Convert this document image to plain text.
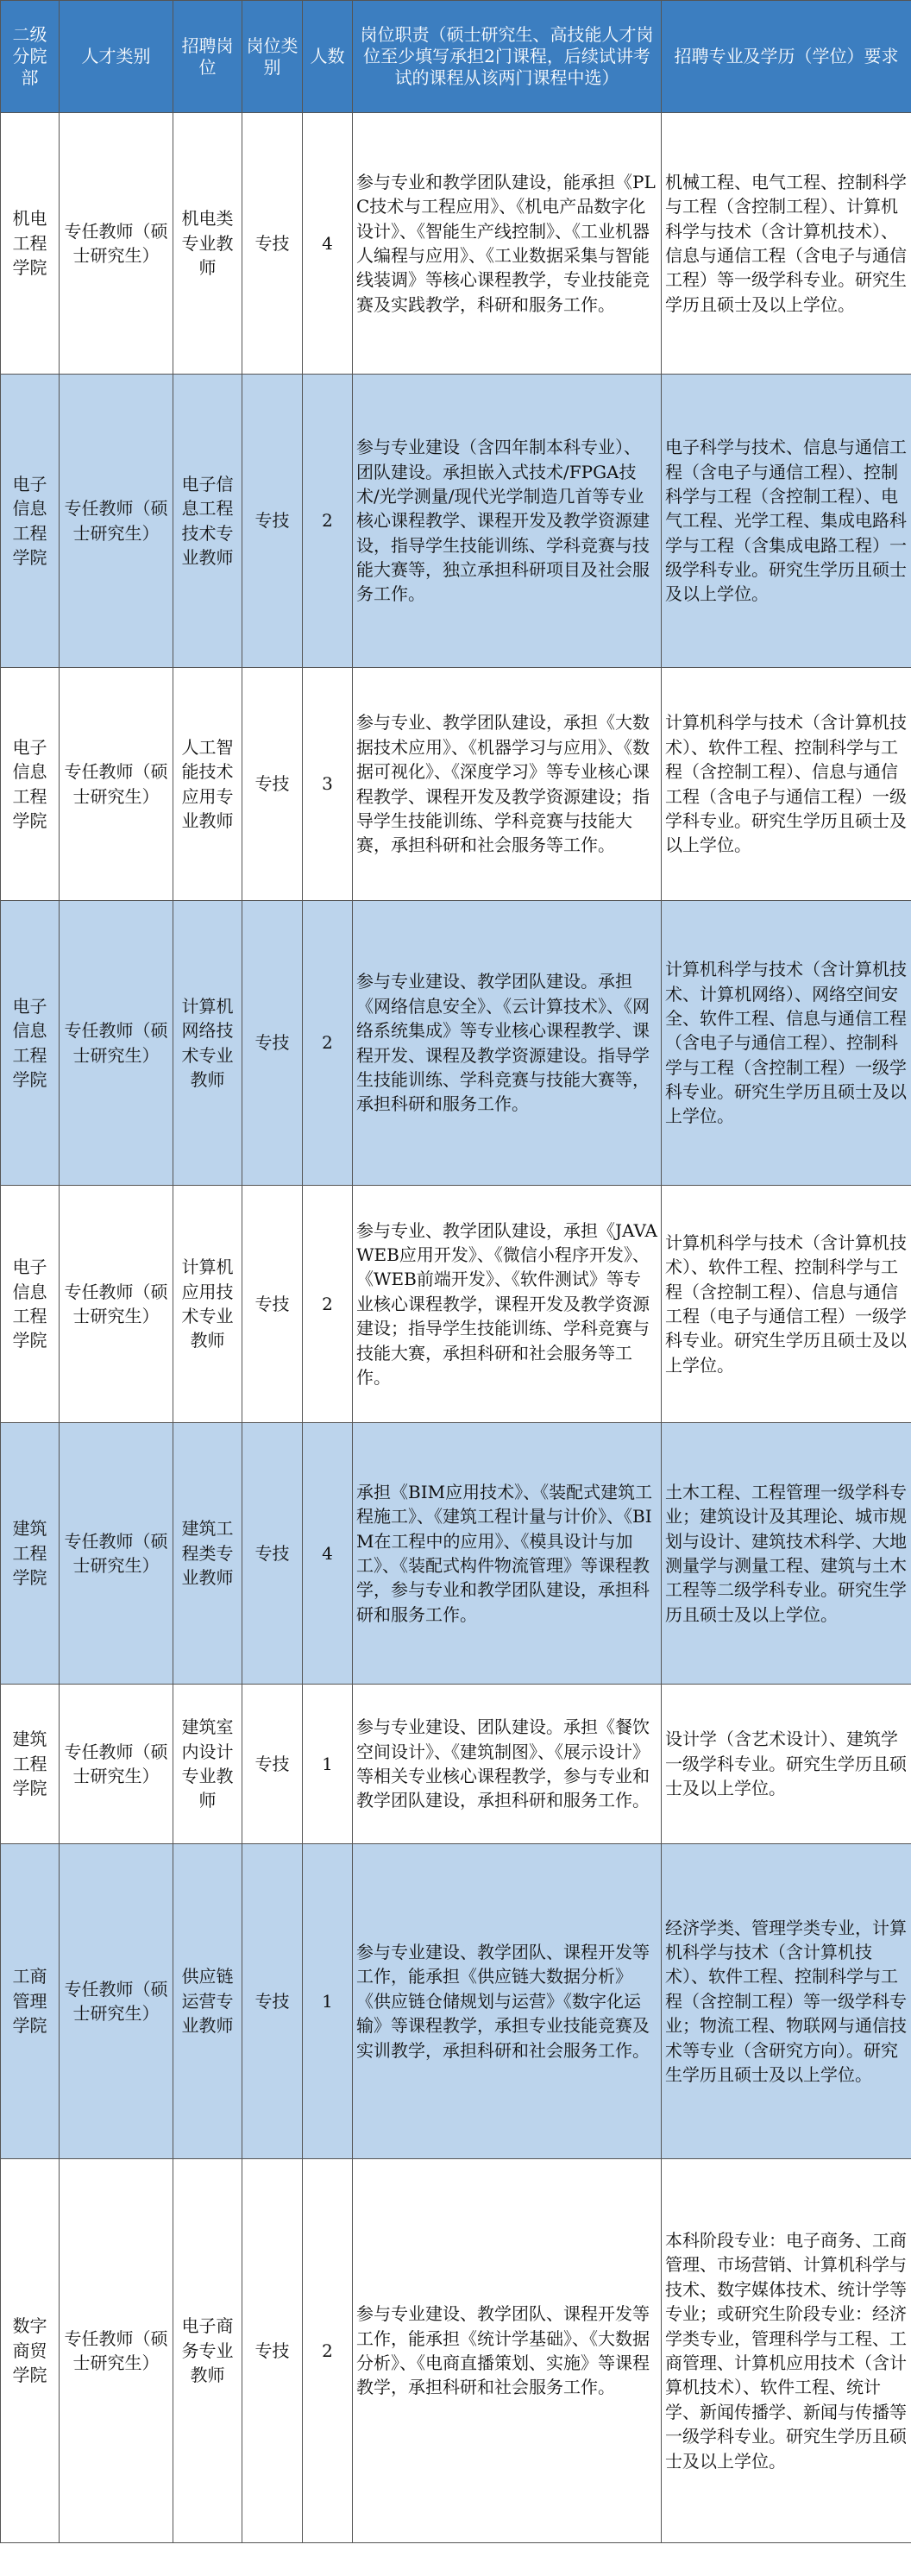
二级分院部	人才类别	招聘岗位	岗位类别	人数	岗位职责（硕士研究生、高技能人才岗位至少填写承担2门课程，后续试讲考试的课程从该两门课程中选）	招聘专业及学历（学位）要求
机电工程学院	专任教师（硕士研究生）	机电类专业教师	专技	4	参与专业和教学团队建设，能承担《PLC技术与工程应用》、《机电产品数字化设计》、《智能生产线控制》、《工业机器人编程与应用》、《工业数据采集与智能线装调》等核心课程教学，专业技能竞赛及实践教学，科研和服务工作。	机械工程、电气工程、控制科学与工程（含控制工程）、计算机科学与技术（含计算机技术）、信息与通信工程（含电子与通信工程）等一级学科专业。研究生学历且硕士及以上学位。
电子信息工程学院	专任教师（硕士研究生）	电子信息工程技术专业教师	专技	2	参与专业建设（含四年制本科专业）、团队建设。承担嵌入式技术/FPGA技术/光学测量/现代光学制造几首等专业核心课程教学、课程开发及教学资源建设，指导学生技能训练、学科竞赛与技能大赛等，独立承担科研项目及社会服务工作。	电子科学与技术、信息与通信工程（含电子与通信工程）、控制科学与工程（含控制工程）、电气工程、光学工程、集成电路科学与工程（含集成电路工程）一级学科专业。研究生学历且硕士及以上学位。
电子信息工程学院	专任教师（硕士研究生）	人工智能技术应用专业教师	专技	3	参与专业、教学团队建设，承担《大数据技术应用》、《机器学习与应用》、《数据可视化》、《深度学习》等专业核心课程教学、课程开发及教学资源建设；指导学生技能训练、学科竞赛与技能大赛，承担科研和社会服务等工作。	计算机科学与技术（含计算机技术）、软件工程、控制科学与工程（含控制工程）、信息与通信工程（含电子与通信工程）一级学科专业。研究生学历且硕士及以上学位。
电子信息工程学院	专任教师（硕士研究生）	计算机网络技术专业教师	专技	2	参与专业建设、教学团队建设。承担《网络信息安全》、《云计算技术》、《网络系统集成》等专业核心课程教学、课程开发、课程及教学资源建设。指导学生技能训练、学科竞赛与技能大赛等，承担科研和服务工作。	计算机科学与技术（含计算机技术、计算机网络）、网络空间安全、软件工程、信息与通信工程（含电子与通信工程）、控制科学与工程（含控制工程）一级学科专业。研究生学历且硕士及以上学位。
电子信息工程学院	专任教师（硕士研究生）	计算机应用技术专业教师	专技	2	参与专业、教学团队建设，承担《JAVA WEB应用开发》、《微信小程序开发》、《WEB前端开发》、《软件测试》等专业核心课程教学，课程开发及教学资源建设；指导学生技能训练、学科竞赛与技能大赛，承担科研和社会服务等工作。	计算机科学与技术（含计算机技术）、软件工程、控制科学与工程（含控制工程）、信息与通信工程（电子与通信工程）一级学科专业。研究生学历且硕士及以上学位。
建筑工程学院	专任教师（硕士研究生）	建筑工程类专业教师	专技	4	承担《BIM应用技术》、《装配式建筑工程施工》、《建筑工程计量与计价》、《BIM在工程中的应用》、《模具设计与加工》、《装配式构件物流管理》等课程教学，参与专业和教学团队建设，承担科研和服务工作。	土木工程、工程管理一级学科专业；建筑设计及其理论、城市规划与设计、建筑技术科学、大地测量学与测量工程、建筑与土木工程等二级学科专业。研究生学历且硕士及以上学位。
建筑工程学院	专任教师（硕士研究生）	建筑室内设计专业教师	专技	1	参与专业建设、团队建设。承担《餐饮空间设计》、《建筑制图》、《展示设计》等相关专业核心课程教学，参与专业和教学团队建设，承担科研和服务工作。	设计学（含艺术设计）、建筑学一级学科专业。研究生学历且硕士及以上学位。
工商管理学院	专任教师（硕士研究生）	供应链运营专业教师	专技	1	参与专业建设、教学团队、课程开发等工作，能承担《供应链大数据分析》《供应链仓储规划与运营》《数字化运输》等课程教学，承担专业技能竞赛及实训教学，承担科研和社会服务工作。	经济学类、管理学类专业，计算机科学与技术（含计算机技术）、软件工程、控制科学与工程（含控制工程）等一级学科专业；物流工程、物联网与通信技术等专业（含研究方向）。研究生学历且硕士及以上学位。
数字商贸学院	专任教师（硕士研究生）	电子商务专业教师	专技	2	参与专业建设、教学团队、课程开发等工作，能承担《统计学基础》、《大数据分析》、《电商直播策划、实施》等课程教学，承担科研和社会服务工作。	本科阶段专业：电子商务、工商管理、市场营销、计算机科学与技术、数字媒体技术、统计学等专业；或研究生阶段专业：经济学类专业，管理科学与工程、工商管理、计算机应用技术（含计算机技术）、软件工程、统计学、新闻传播学、新闻与传播等一级学科专业。研究生学历且硕士及以上学位。
